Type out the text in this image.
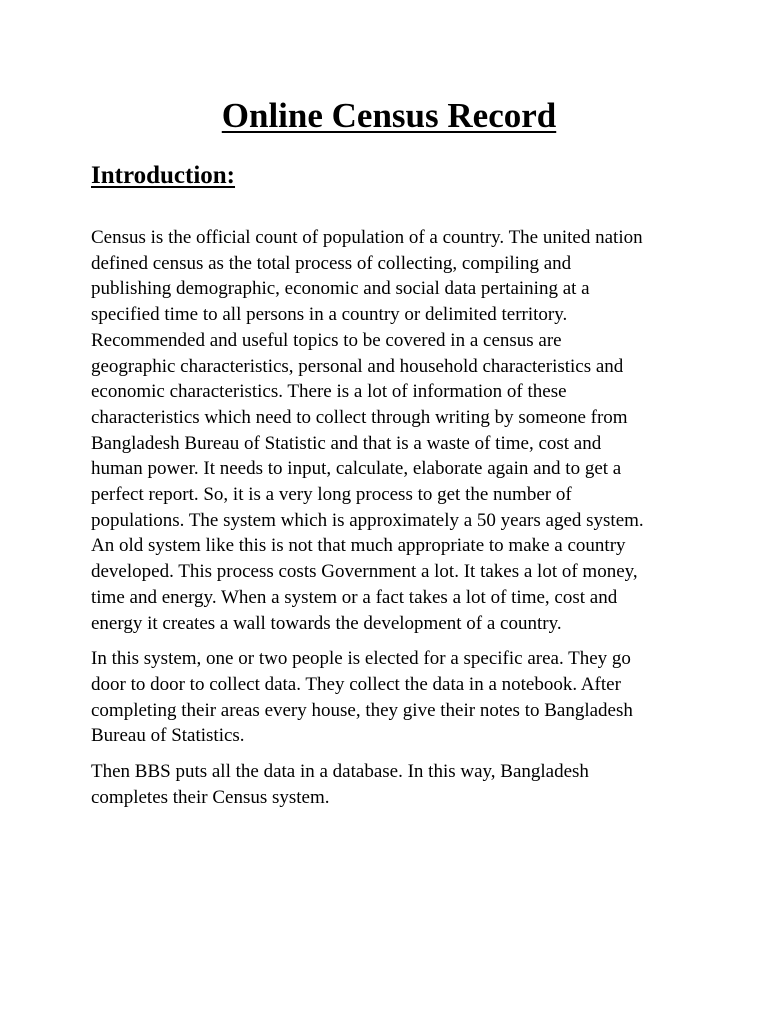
Online Census Record
Introduction:

Census is the official count of population of a country. The united nation
defined census as the total process of collecting, compiling and
publishing demographic, economic and social data pertaining at a
specified time to all persons in a country or delimited territory.
Recommended and useful topics to be covered in a census are
geographic characteristics, personal and household characteristics and
economic characteristics. There is a lot of information of these
characteristics which need to collect through writing by someone from
Bangladesh Bureau of Statistic and that is a waste of time, cost and
human power. It needs to input, calculate, elaborate again and to get a
perfect report. So, it is a very long process to get the number of
populations. The system which is approximately a 50 years aged system.
An old system like this is not that much appropriate to make a country
developed. This process costs Government a lot. It takes a lot of money,
time and energy. When a system or a fact takes a lot of time, cost and
energy it creates a wall towards the development of a country.

In this system, one or two people is elected for a specific area. They go
door to door to collect data. They collect the data in a notebook. After
completing their areas every house, they give their notes to Bangladesh
Bureau of Statistics.

Then BBS puts all the data in a database. In this way, Bangladesh
completes their Census system.
